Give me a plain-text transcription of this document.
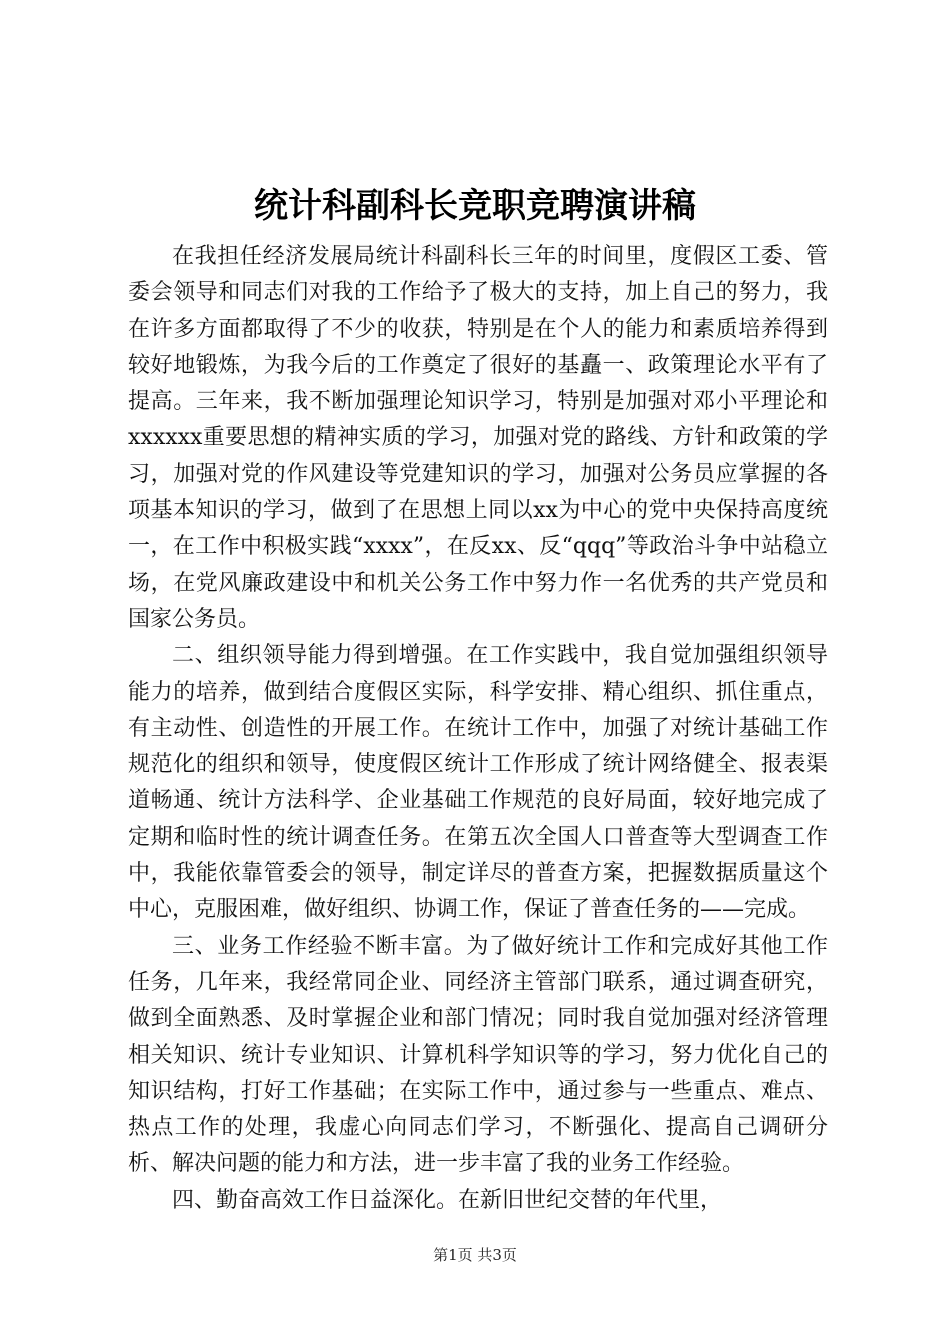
统计科副科长竞职竞聘演讲稿

在我担任经济发展局统计科副科长三年的时间里，度假区工委、管委会领导和同志们对我的工作给予了极大的支持，加上自己的努力，我在许多方面都取得了不少的收获，特别是在个人的能力和素质培养得到较好地锻炼，为我今后的工作奠定了很好的基矗一、政策理论水平有了提高。三年来，我不断加强理论知识学习，特别是加强对邓小平理论和xxxxxx重要思想的精神实质的学习，加强对党的路线、方针和政策的学习，加强对党的作风建设等党建知识的学习，加强对公务员应掌握的各项基本知识的学习，做到了在思想上同以xx为中心的党中央保持高度统一，在工作中积极实践“xxxx”，在反xx、反“qqq”等政治斗争中站稳立场，在党风廉政建设中和机关公务工作中努力作一名优秀的共产党员和国家公务员。

二、组织领导能力得到增强。在工作实践中，我自觉加强组织领导能力的培养，做到结合度假区实际，科学安排、精心组织、抓住重点，有主动性、创造性的开展工作。在统计工作中，加强了对统计基础工作规范化的组织和领导，使度假区统计工作形成了统计网络健全、报表渠道畅通、统计方法科学、企业基础工作规范的良好局面，较好地完成了定期和临时性的统计调查任务。在第五次全国人口普查等大型调查工作中，我能依靠管委会的领导，制定详尽的普查方案，把握数据质量这个中心，克服困难，做好组织、协调工作，保证了普查任务的——完成。

三、业务工作经验不断丰富。为了做好统计工作和完成好其他工作任务，几年来，我经常同企业、同经济主管部门联系，通过调查研究，做到全面熟悉、及时掌握企业和部门情况；同时我自觉加强对经济管理相关知识、统计专业知识、计算机科学知识等的学习，努力优化自己的知识结构，打好工作基础；在实际工作中，通过参与一些重点、难点、热点工作的处理，我虚心向同志们学习，不断强化、提高自己调研分析、解决问题的能力和方法，进一步丰富了我的业务工作经验。

四、勤奋高效工作日益深化。在新旧世纪交替的年代里，

第1页 共3页
